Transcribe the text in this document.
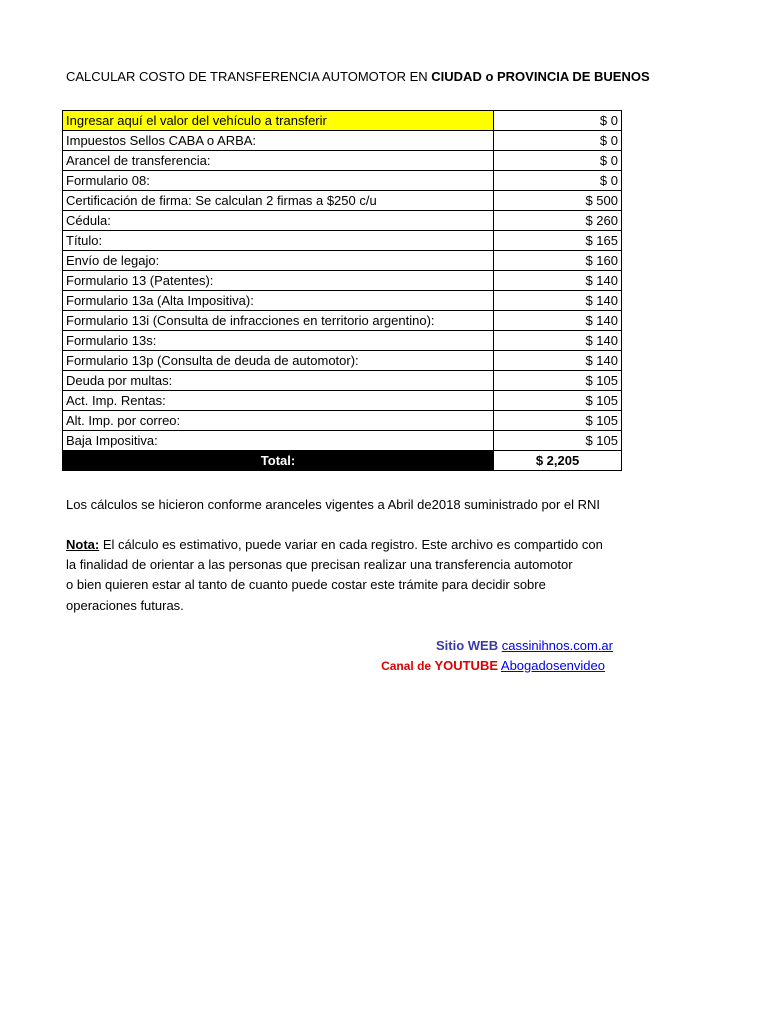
CALCULAR COSTO DE TRANSFERENCIA AUTOMOTOR EN CIUDAD o PROVINCIA DE BUENOS
Ingresar aquí el valor del vehículo a transferir	$ 0
Impuestos Sellos CABA o ARBA:	$ 0
Arancel de transferencia:	$ 0
Formulario 08:	$ 0
Certificación de firma: Se calculan 2 firmas a $250 c/u	$ 500
Cédula:	$ 260
Título:	$ 165
Envío de legajo:	$ 160
Formulario 13 (Patentes):	$ 140
Formulario 13a (Alta Impositiva):	$ 140
Formulario 13i (Consulta de infracciones en territorio argentino):	$ 140
Formulario 13s:	$ 140
Formulario 13p (Consulta de deuda de automotor):	$ 140
Deuda por multas:	$ 105
Act. Imp. Rentas:	$ 105
Alt. Imp. por correo:	$ 105
Baja Impositiva:	$ 105
Total:	$ 2,205
Los cálculos se hicieron conforme aranceles vigentes a Abril de2018 suministrado por el RNI
Nota: El cálculo es estimativo, puede variar en cada registro. Este archivo es compartido con
la finalidad de orientar a las personas que precisan realizar una transferencia automotor
o bien quieren estar al tanto de cuanto puede costar este trámite para decidir sobre
operaciones futuras.
Sitio WEB cassinihnos.com.ar
Canal de YOUTUBE Abogadosenvideo
